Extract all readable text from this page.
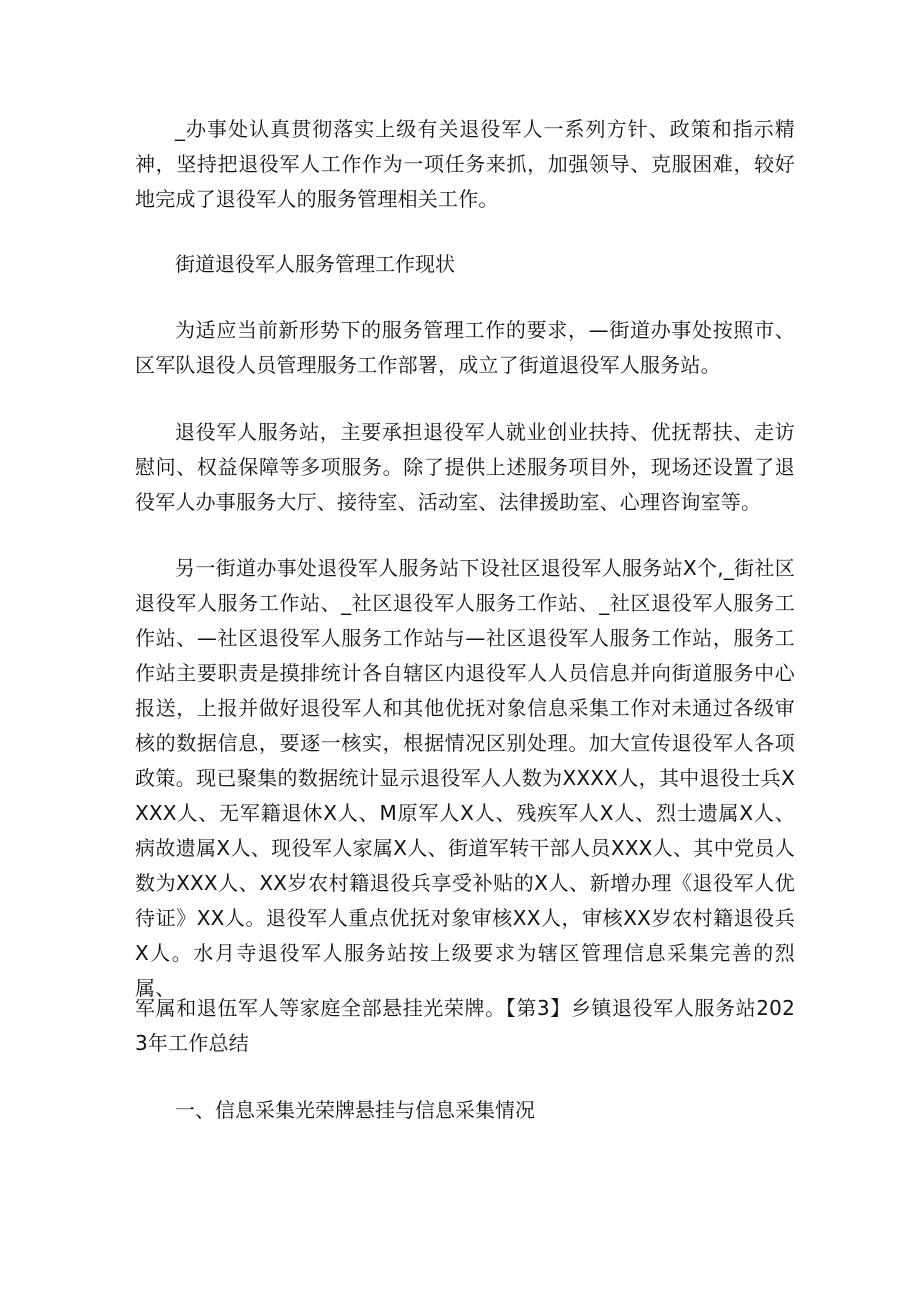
_办事处认真贯彻落实上级有关退役军人一系列方针、政策和指示精神，坚持把退役军人工作作为一项任务来抓，加强领导、克服困难，较好地完成了退役军人的服务管理相关工作。

街道退役军人服务管理工作现状

为适应当前新形势下的服务管理工作的要求，—街道办事处按照市、区军队退役人员管理服务工作部署，成立了街道退役军人服务站。

退役军人服务站，主要承担退役军人就业创业扶持、优抚帮扶、走访慰问、权益保障等多项服务。除了提供上述服务项目外，现场还设置了退役军人办事服务大厅、接待室、活动室、法律援助室、心理咨询室等。

另一街道办事处退役军人服务站下设社区退役军人服务站X个,_街社区退役军人服务工作站、_社区退役军人服务工作站、_社区退役军人服务工作站、—社区退役军人服务工作站与—社区退役军人服务工作站，服务工作站主要职责是摸排统计各自辖区内退役军人人员信息并向街道服务中心报送，上报并做好退役军人和其他优抚对象信息采集工作对未通过各级审核的数据信息，要逐一核实，根据情况区别处理。加大宣传退役军人各项政策。现已聚集的数据统计显示退役军人人数为XXXX人，其中退役士兵XXXX人、无军籍退休X人、M原军人X人、残疾军人X人、烈士遗属X人、病故遗属X人、现役军人家属X人、街道军转干部人员XXX人、其中党员人数为XXX人、XX岁农村籍退役兵享受补贴的X人、新增办理《退役军人优待证》XX人。退役军人重点优抚对象审核XX人，审核XX岁农村籍退役兵X人。水月寺退役军人服务站按上级要求为辖区管理信息采集完善的烈属、

军属和退伍军人等家庭全部悬挂光荣牌。【第3】乡镇退役军人服务站2023年工作总结

一、信息采集光荣牌悬挂与信息采集情况
